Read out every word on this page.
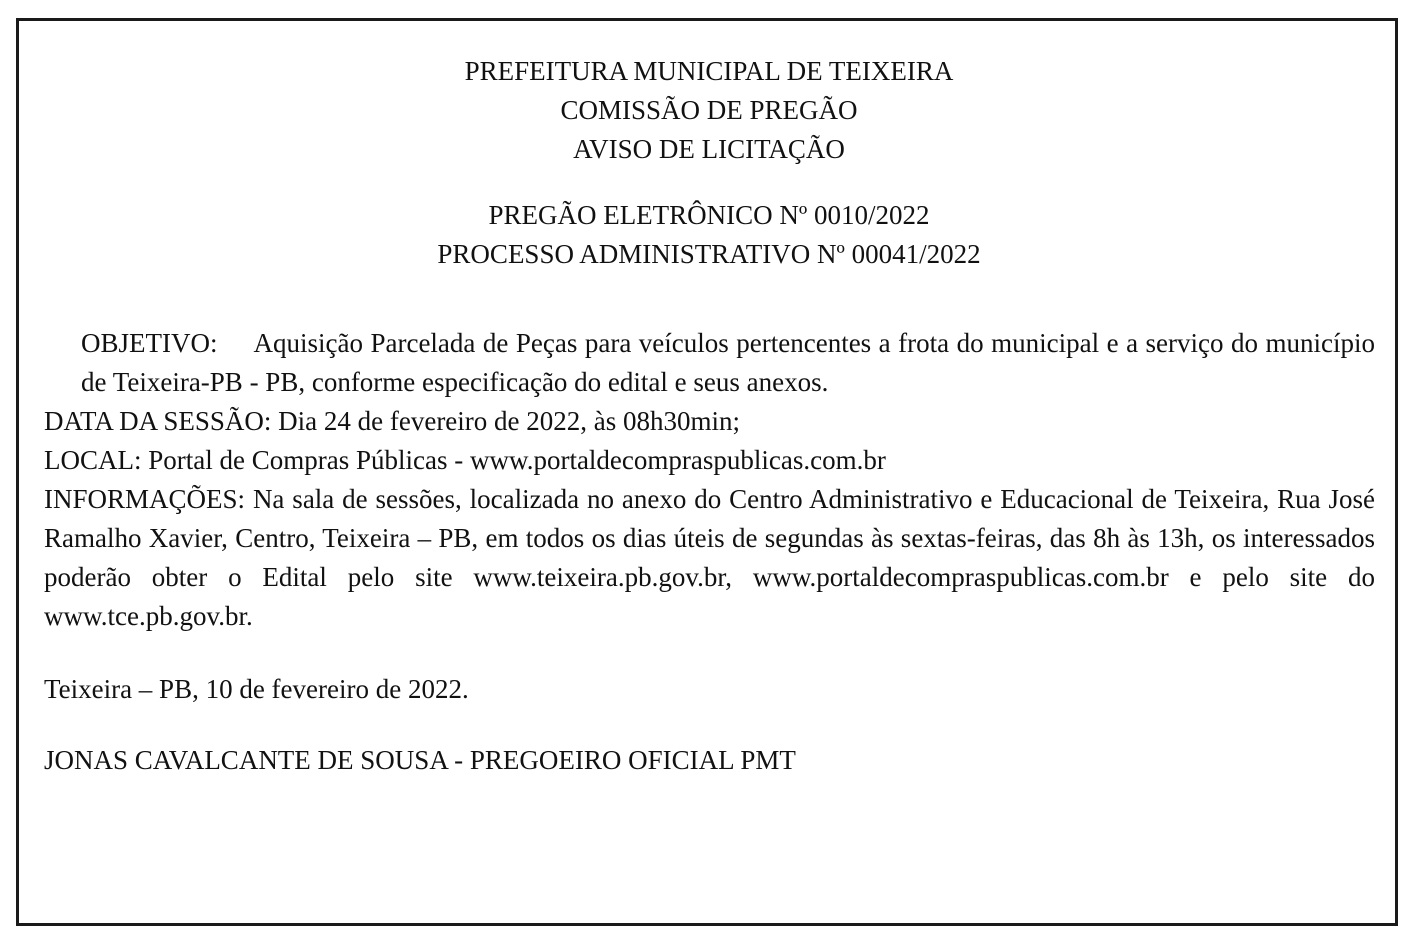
PREFEITURA MUNICIPAL DE TEIXEIRA
COMISSÃO DE PREGÃO
AVISO DE LICITAÇÃO
PREGÃO ELETRÔNICO Nº 0010/2022
PROCESSO ADMINISTRATIVO Nº 00041/2022

OBJETIVO: Aquisição Parcelada de Peças para veículos pertencentes a frota do municipal e a serviço do município de Teixeira-PB - PB, conforme especificação do edital e seus anexos.

DATA DA SESSÃO: Dia 24 de fevereiro de 2022, às 08h30min;

LOCAL: Portal de Compras Públicas - www.portaldecompraspublicas.com.br

INFORMAÇÕES: Na sala de sessões, localizada no anexo do Centro Administrativo e Educacional de Teixeira, Rua José Ramalho Xavier, Centro, Teixeira – PB, em todos os dias úteis de segundas às sextas-feiras, das 8h às 13h, os interessados poderão obter o Edital pelo site www.teixeira.pb.gov.br, www.portaldecompraspublicas.com.br e pelo site do www.tce.pb.gov.br.

Teixeira – PB, 10 de fevereiro de 2022.
JONAS CAVALCANTE DE SOUSA - PREGOEIRO OFICIAL PMT
